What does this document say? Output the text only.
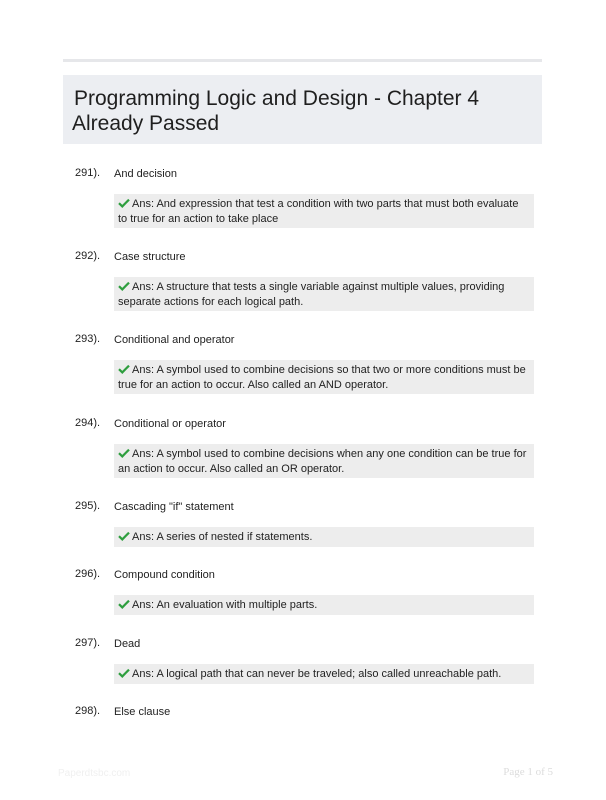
Programming Logic and Design - Chapter 4
Already Passed
291). And decision
Ans: And expression that test a condition with two parts that must both evaluate to true for an action to take place
292). Case structure
Ans: A structure that tests a single variable against multiple values, providing separate actions for each logical path.
293). Conditional and operator
Ans: A symbol used to combine decisions so that two or more conditions must be true for an action to occur. Also called an AND operator.
294). Conditional or operator
Ans: A symbol used to combine decisions when any one condition can be true for an action to occur. Also called an OR operator.
295). Cascading "if" statement
Ans: A series of nested if statements.
296). Compound condition
Ans: An evaluation with multiple parts.
297). Dead
Ans: A logical path that can never be traveled; also called unreachable path.
298). Else clause
Paperdtsbc.com	Page 1 of 5
